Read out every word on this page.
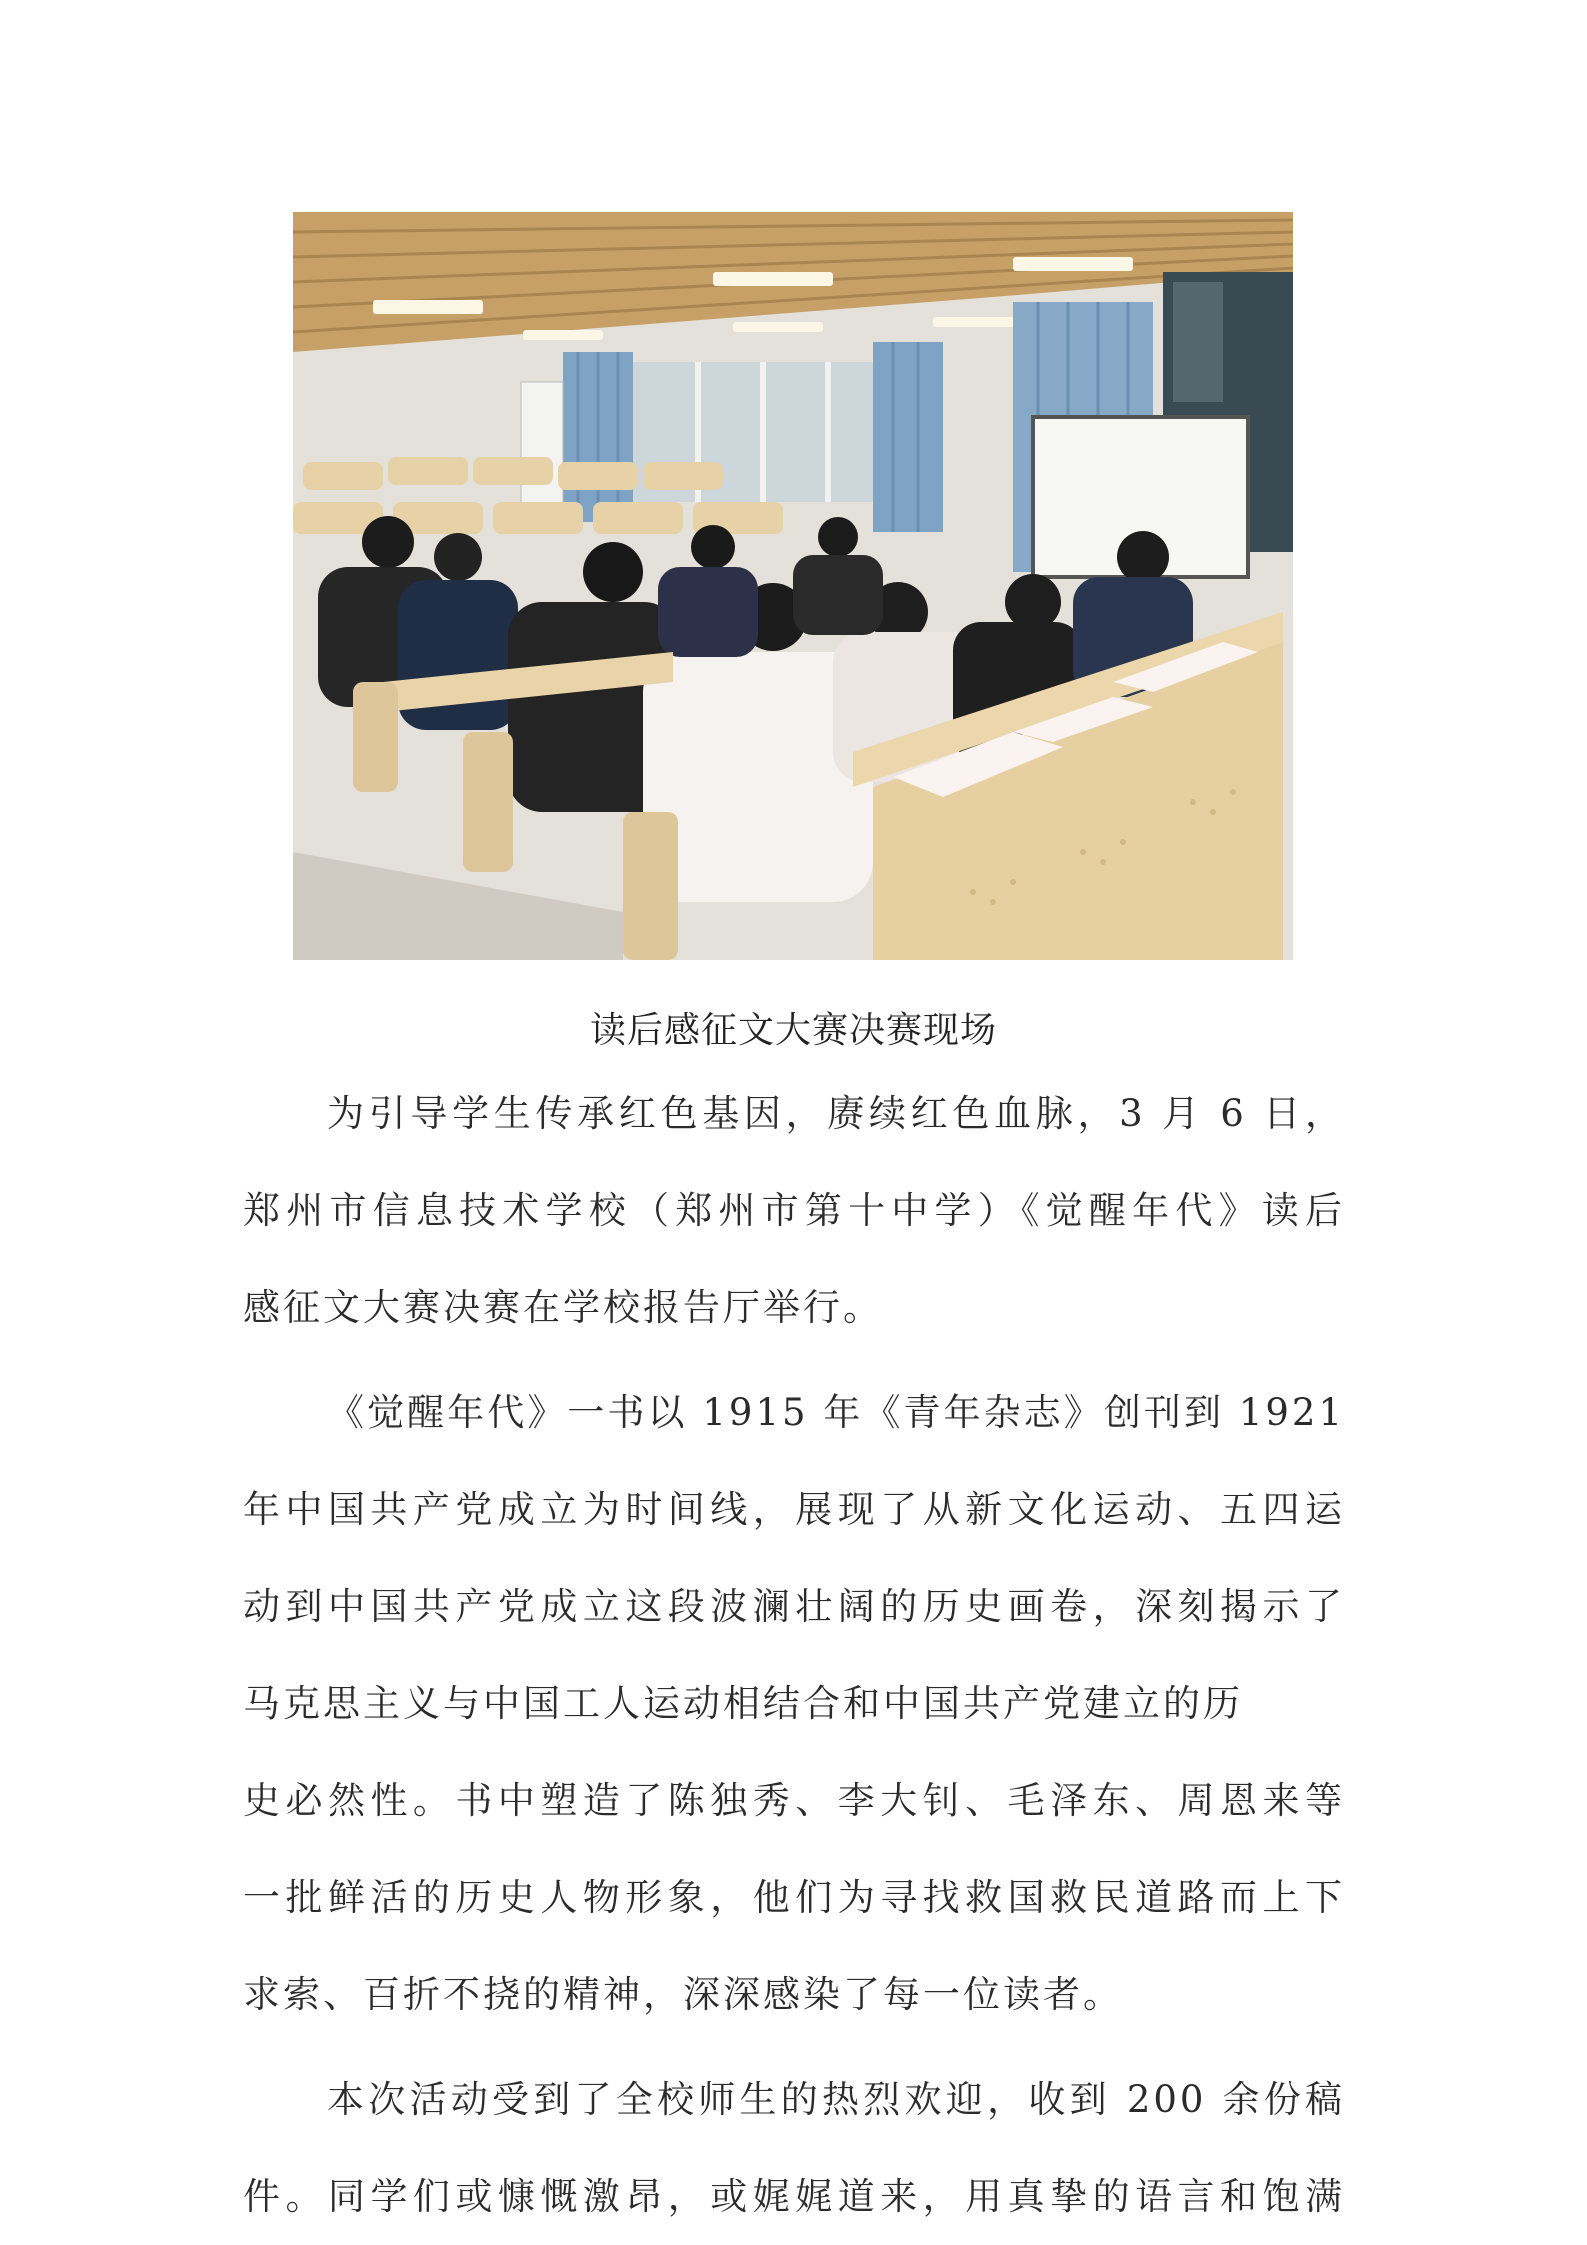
读后感征文大赛决赛现场

为引导学生传承红色基因，赓续红色血脉，3 月 6 日，
郑州市信息技术学校（郑州市第十中学）《觉醒年代》读后
感征文大赛决赛在学校报告厅举行。

《觉醒年代》一书以 1915 年《青年杂志》创刊到 1921
年中国共产党成立为时间线，展现了从新文化运动、五四运
动到中国共产党成立这段波澜壮阔的历史画卷，深刻揭示了
马克思主义与中国工人运动相结合和中国共产党建立的历
史必然性。书中塑造了陈独秀、李大钊、毛泽东、周恩来等
一批鲜活的历史人物形象，他们为寻找救国救民道路而上下
求索、百折不挠的精神，深深感染了每一位读者。

本次活动受到了全校师生的热烈欢迎，收到 200 余份稿
件。同学们或慷慨激昂，或娓娓道来，用真挚的语言和饱满
